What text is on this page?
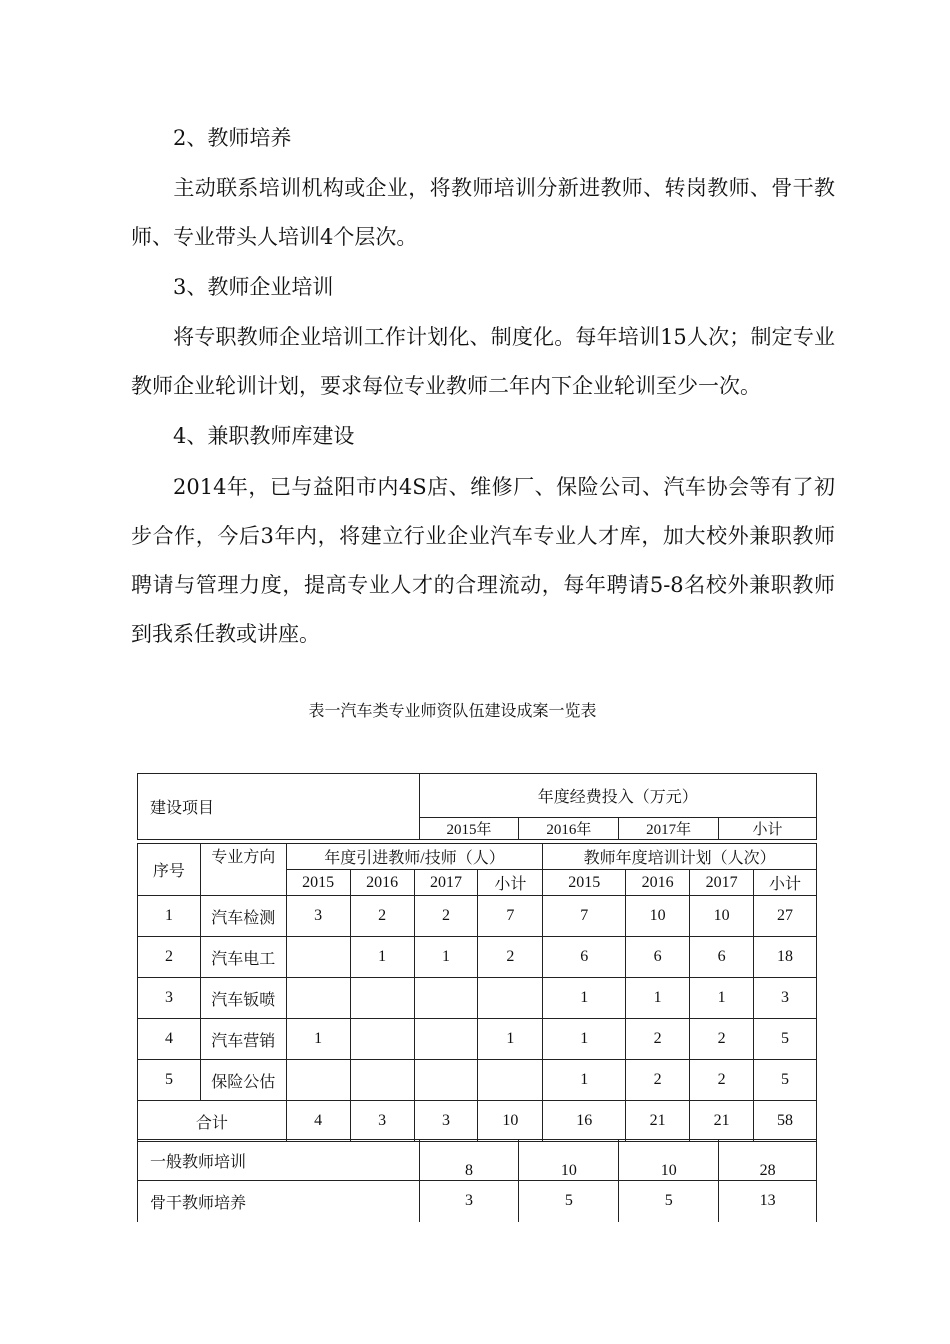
2、教师培养

主动联系培训机构或企业，将教师培训分新进教师、转岗教师、骨干教师、专业带头人培训4个层次。

3、教师企业培训

将专职教师企业培训工作计划化、制度化。每年培训15人次；制定专业教师企业轮训计划，要求每位专业教师二年内下企业轮训至少一次。

4、兼职教师库建设

2014年，已与益阳市内4S店、维修厂、保险公司、汽车协会等有了初步合作，今后3年内，将建立行业企业汽车专业人才库，加大校外兼职教师聘请与管理力度，提高专业人才的合理流动，每年聘请5-8名校外兼职教师到我系任教或讲座。

表一汽车类专业师资队伍建设成案一览表
建设项目	年度经费投入（万元）			
	2015年	2016年	2017年	小计
序号	专业方向	年度引进教师/技师（人）				教师年度培训计划（人次）			
		2015	2016	2017	小计	2015	2016	2017	小计
1	汽车检测	3	2	2	7	7	10	10	27
2	汽车电工		1	1	2	6	6	6	18
3	汽车钣喷					1	1	1	3
4	汽车营销	1			1	1	2	2	5
5	保险公估					1	2	2	5
合计		4	3	3	10	16	21	21	58
一般教师培训	8	10	10	28
骨干教师培养	3	5	5	13
